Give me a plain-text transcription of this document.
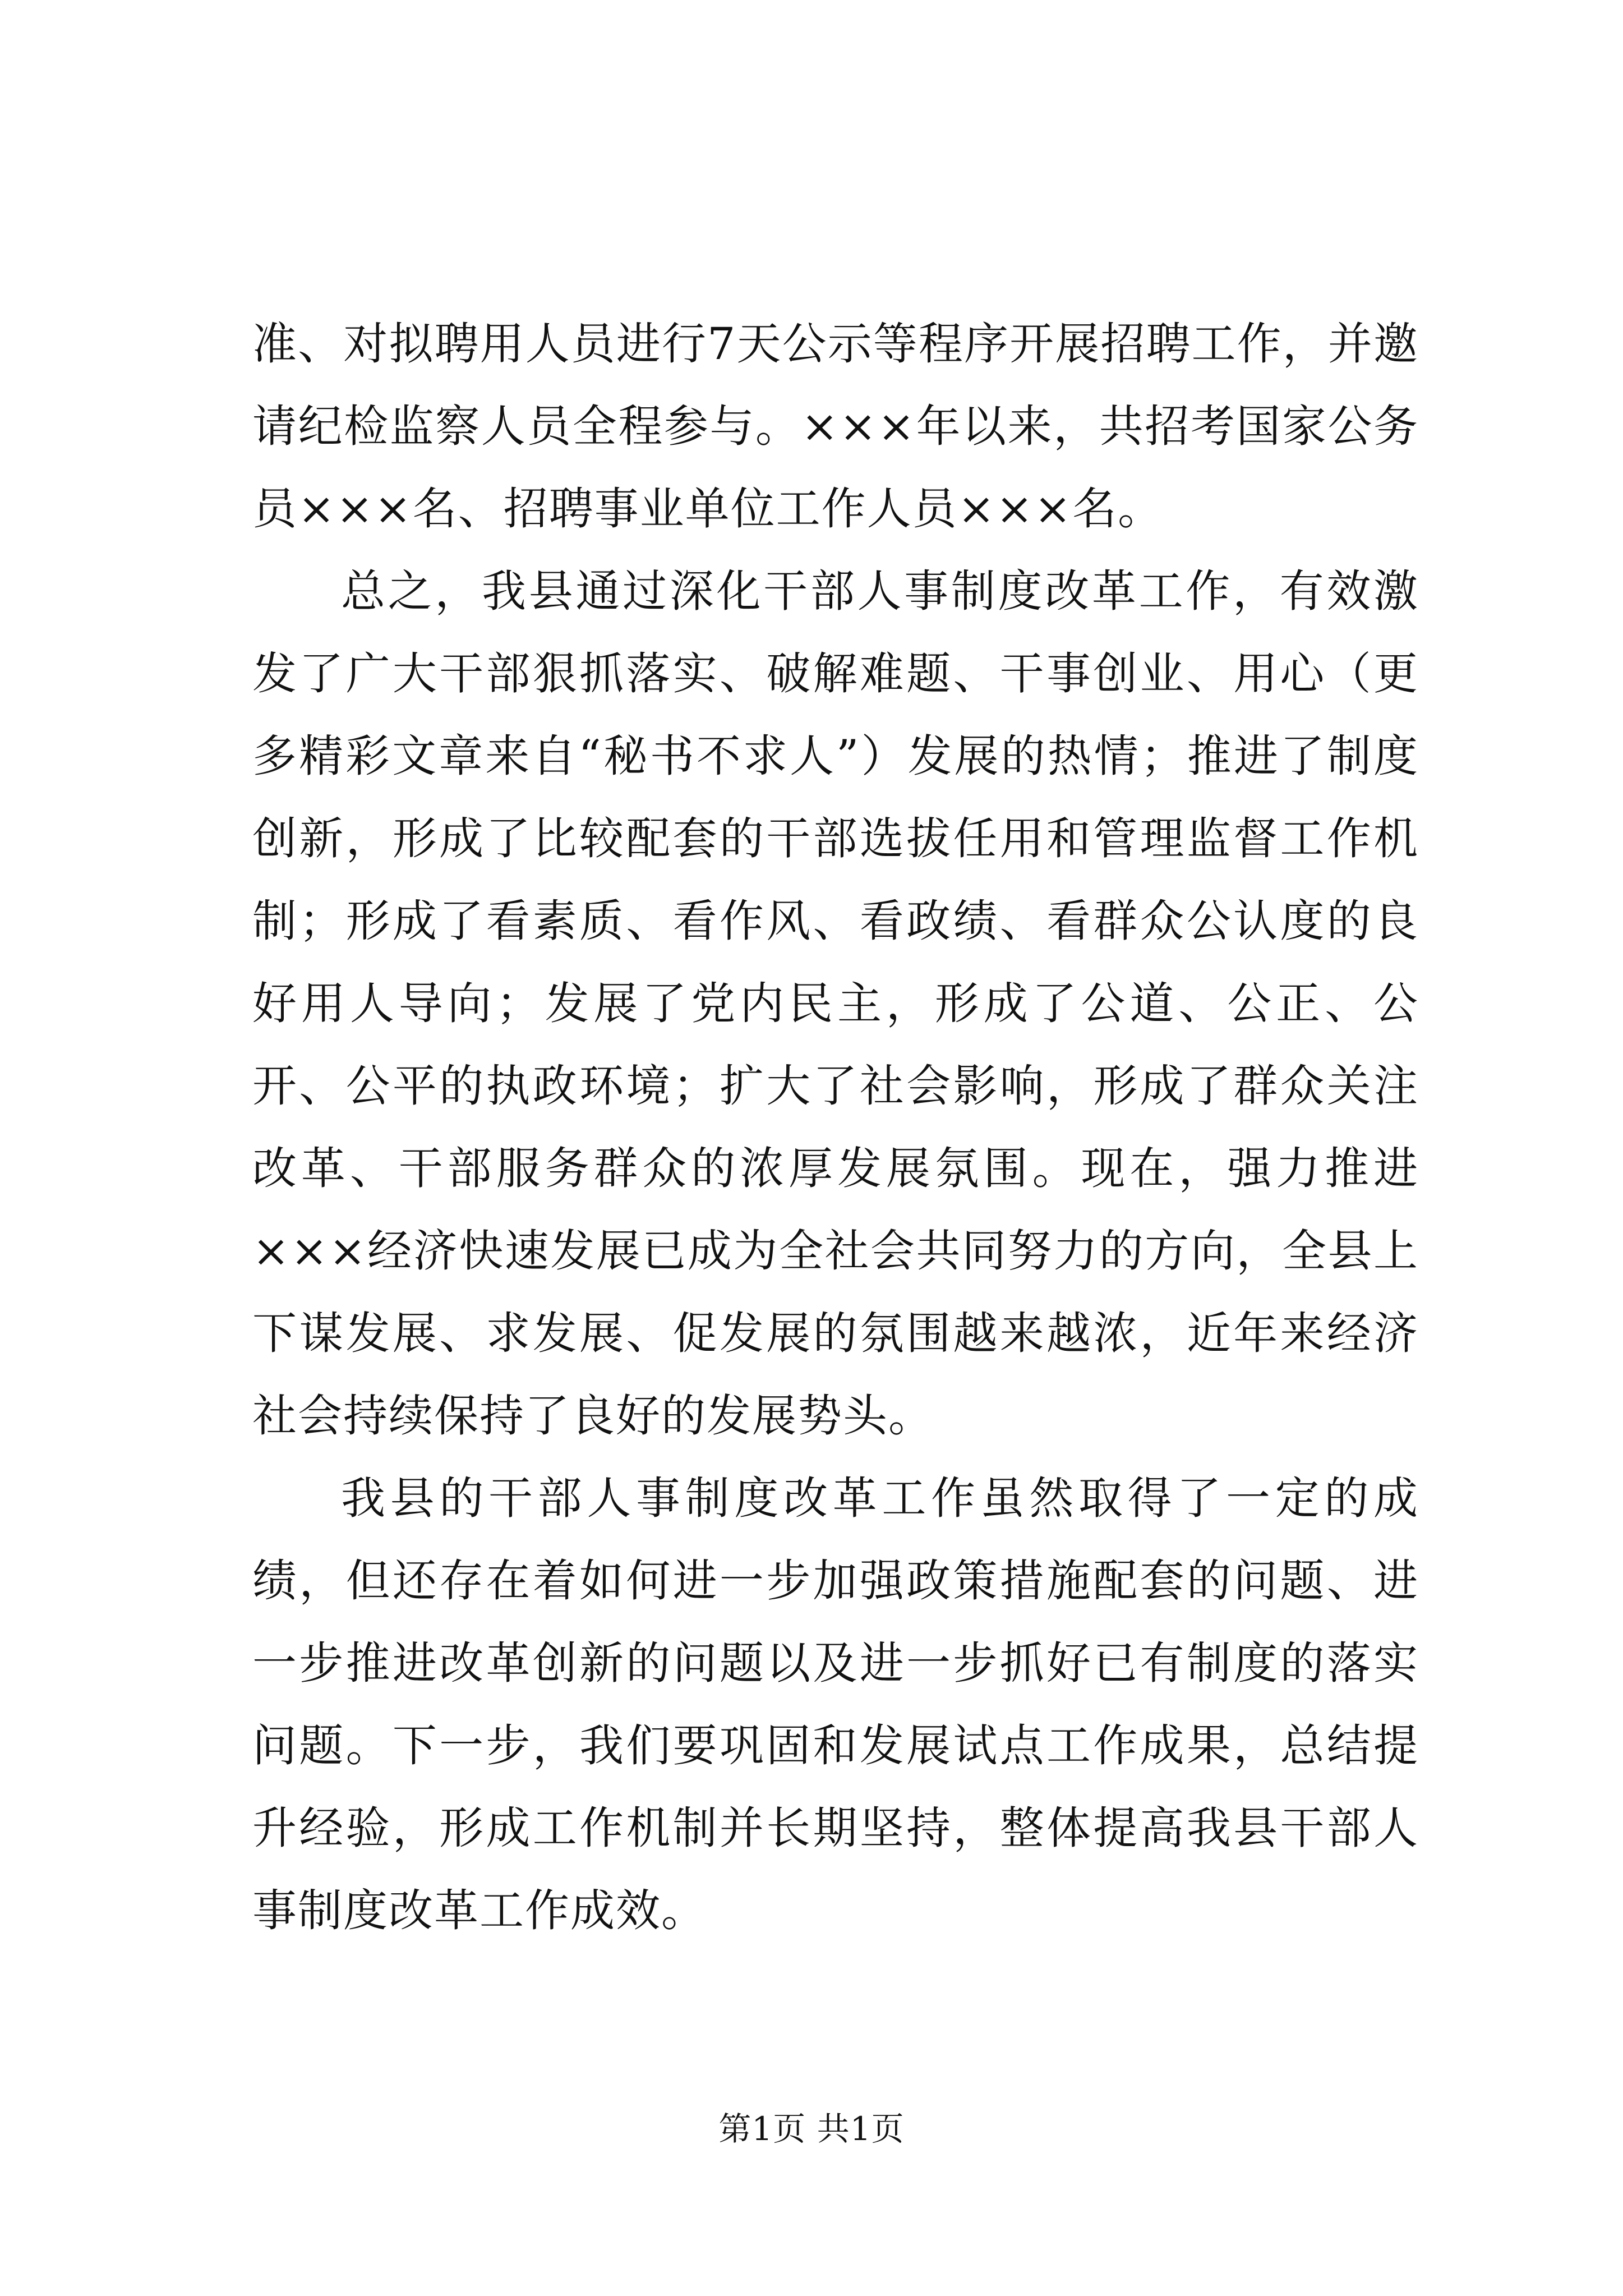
准、对拟聘用人员进行7天公示等程序开展招聘工作，并邀请纪检监察人员全程参与。×××年以来，共招考国家公务员×××名、招聘事业单位工作人员×××名。

总之，我县通过深化干部人事制度改革工作，有效激发了广大干部狠抓落实、破解难题、干事创业、用心（更多精彩文章来自“秘书不求人”）发展的热情；推进了制度创新，形成了比较配套的干部选拔任用和管理监督工作机制；形成了看素质、看作风、看政绩、看群众公认度的良好用人导向；发展了党内民主，形成了公道、公正、公开、公平的执政环境；扩大了社会影响，形成了群众关注改革、干部服务群众的浓厚发展氛围。现在，强力推进×××经济快速发展已成为全社会共同努力的方向，全县上下谋发展、求发展、促发展的氛围越来越浓，近年来经济社会持续保持了良好的发展势头。

我县的干部人事制度改革工作虽然取得了一定的成绩，但还存在着如何进一步加强政策措施配套的问题、进一步推进改革创新的问题以及进一步抓好已有制度的落实问题。下一步，我们要巩固和发展试点工作成果，总结提升经验，形成工作机制并长期坚持，整体提高我县干部人事制度改革工作成效。

第1页 共1页
